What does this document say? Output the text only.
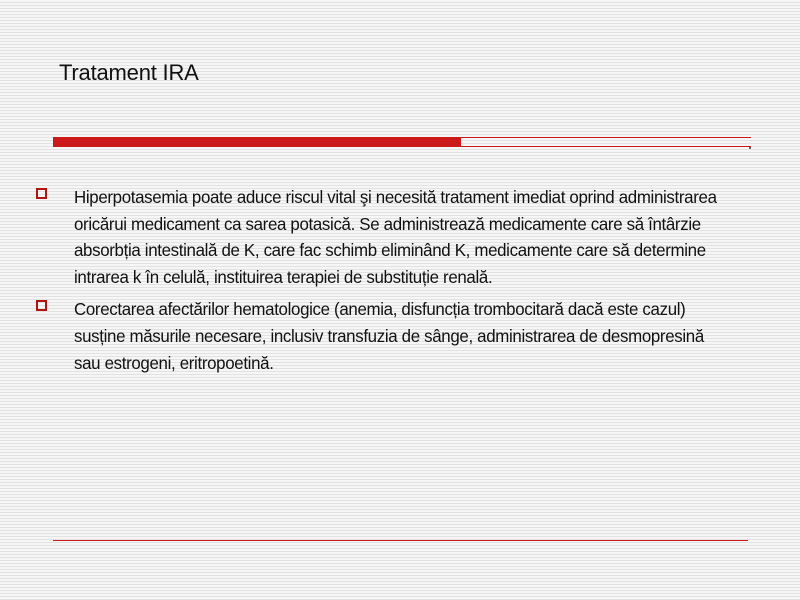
Tratament IRA
Hiperpotasemia poate aduce riscul vital şi necesită tratament imediat oprind administrarea oricărui medicament ca sarea potasică. Se administrează medicamente care să întârzie absorbția intestinală de K, care fac schimb eliminând K, medicamente care să determine intrarea k în celulă, instituirea terapiei de substituție renală.
Corectarea afectărilor hematologice (anemia, disfuncția trombocitară dacă este cazul) susține măsurile necesare, inclusiv transfuzia de sânge, administrarea de desmopresină sau estrogeni, eritropoetină.
